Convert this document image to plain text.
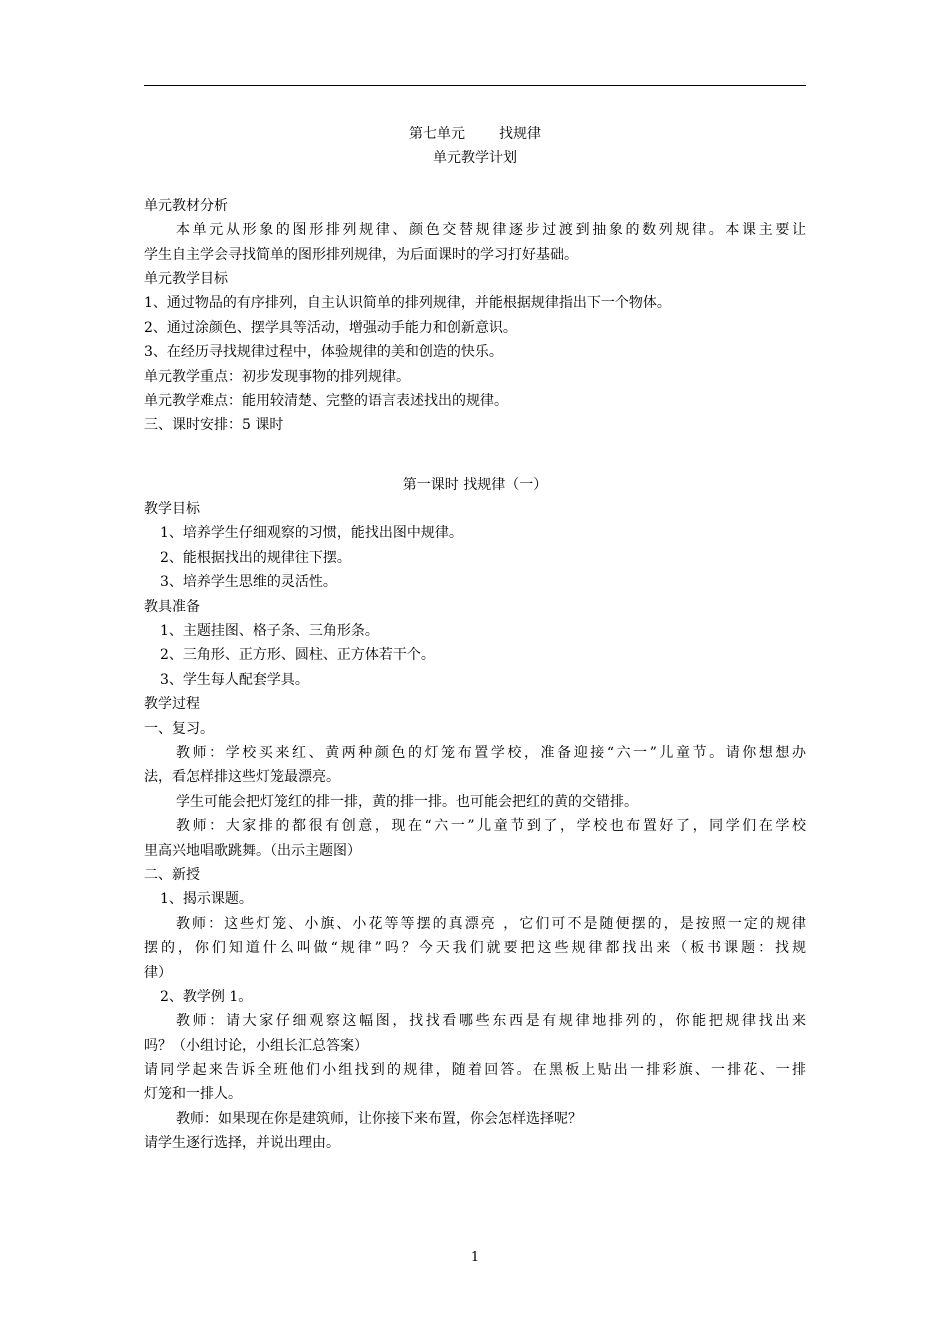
第七单元 找规律
单元教学计划
单元教材分析
本单元从形象的图形排列规律、颜色交替规律逐步过渡到抽象的数列规律。本课主要让
学生自主学会寻找简单的图形排列规律，为后面课时的学习打好基础。
单元教学目标
1、通过物品的有序排列，自主认识简单的排列规律，并能根据规律指出下一个物体。
2、通过涂颜色、摆学具等活动，增强动手能力和创新意识。
3、在经历寻找规律过程中，体验规律的美和创造的快乐。
单元教学重点：初步发现事物的排列规律。
单元教学难点：能用较清楚、完整的语言表述找出的规律。
三、课时安排：5 课时
第一课时 找规律（一）
教学目标
1、培养学生仔细观察的习惯，能找出图中规律。
2、能根据找出的规律往下摆。
3、培养学生思维的灵活性。
教具准备
1、主题挂图、格子条、三角形条。
2、三角形、正方形、圆柱、正方体若干个。
3、学生每人配套学具。
教学过程
一、复习。
教师：学校买来红、黄两种颜色的灯笼布置学校，准备迎接“六一”儿童节。请你想想办
法，看怎样排这些灯笼最漂亮。
学生可能会把灯笼红的排一排，黄的排一排。也可能会把红的黄的交错排。
教师：大家排的都很有创意，现在“六一”儿童节到了，学校也布置好了，同学们在学校
里高兴地唱歌跳舞。（出示主题图）
二、新授
1、揭示课题。
教师：这些灯笼、小旗、小花等等摆的真漂亮 ，它们可不是随便摆的，是按照一定的规律
摆的，你们知道什么叫做“规律”吗？今天我们就要把这些规律都找出来（板书课题：找规
律）
2、教学例 1。
教师：请大家仔细观察这幅图，找找看哪些东西是有规律地排列的，你能把规律找出来
吗？（小组讨论，小组长汇总答案）
请同学起来告诉全班他们小组找到的规律，随着回答。在黑板上贴出一排彩旗、一排花、一排
灯笼和一排人。
教师：如果现在你是建筑师，让你接下来布置，你会怎样选择呢？
请学生逐行选择，并说出理由。
1
